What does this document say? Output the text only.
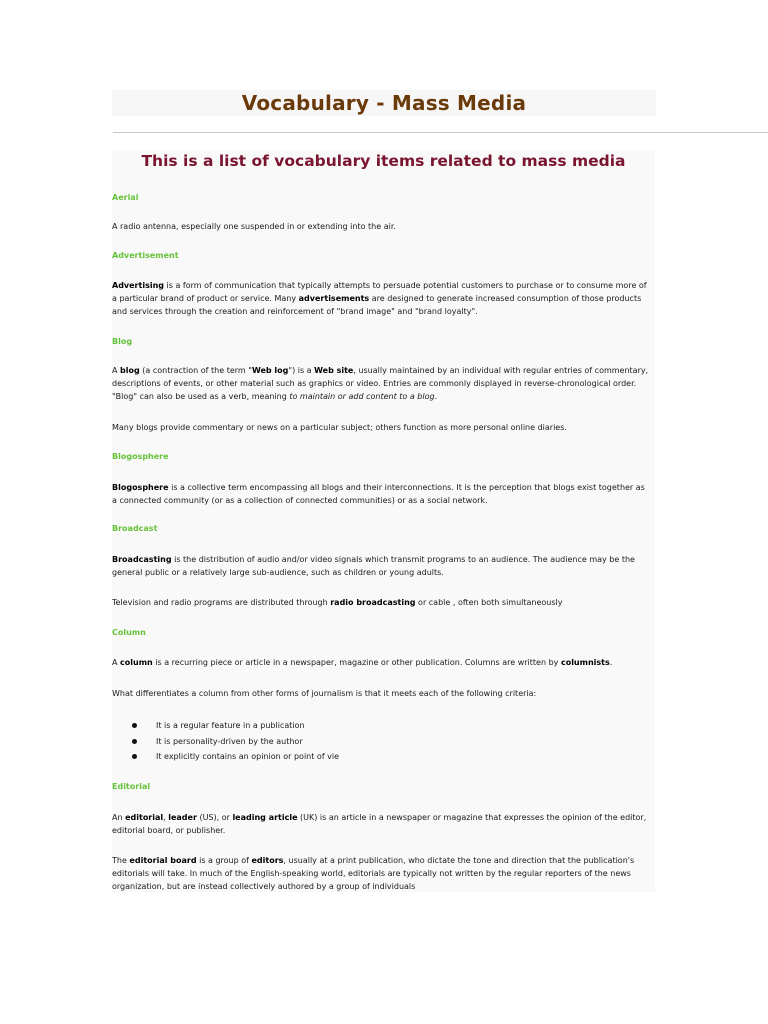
Vocabulary - Mass Media
This is a list of vocabulary items related to mass media
Aerial

A radio antenna, especially one suspended in or extending into the air.

Advertisement

Advertising is a form of communication that typically attempts to persuade potential customers to purchase or to consume more of a particular brand of product or service. Many advertisements are designed to generate increased consumption of those products and services through the creation and reinforcement of "brand image" and "brand loyalty".

Blog

A blog (a contraction of the term "Web log") is a Web site, usually maintained by an individual with regular entries of commentary, descriptions of events, or other material such as graphics or video. Entries are commonly displayed in reverse-chronological order. "Blog" can also be used as a verb, meaning to maintain or add content to a blog.

Many blogs provide commentary or news on a particular subject; others function as more personal online diaries.

Blogosphere

Blogosphere is a collective term encompassing all blogs and their interconnections. It is the perception that blogs exist together as a connected community (or as a collection of connected communities) or as a social network.

Broadcast

Broadcasting is the distribution of audio and/or video signals which transmit programs to an audience. The audience may be the general public or a relatively large sub-audience, such as children or young adults.

Television and radio programs are distributed through radio broadcasting or cable , often both simultaneously

Column

A column is a recurring piece or article in a newspaper, magazine or other publication. Columns are written by columnists.

What differentiates a column from other forms of journalism is that it meets each of the following criteria:

It is a regular feature in a publication
It is personality-driven by the author
It explicitly contains an opinion or point of vie
Editorial

An editorial, leader (US), or leading article (UK) is an article in a newspaper or magazine that expresses the opinion of the editor, editorial board, or publisher.

The editorial board is a group of editors, usually at a print publication, who dictate the tone and direction that the publication's editorials will take. In much of the English-speaking world, editorials are typically not written by the regular reporters of the news organization, but are instead collectively authored by a group of individuals
